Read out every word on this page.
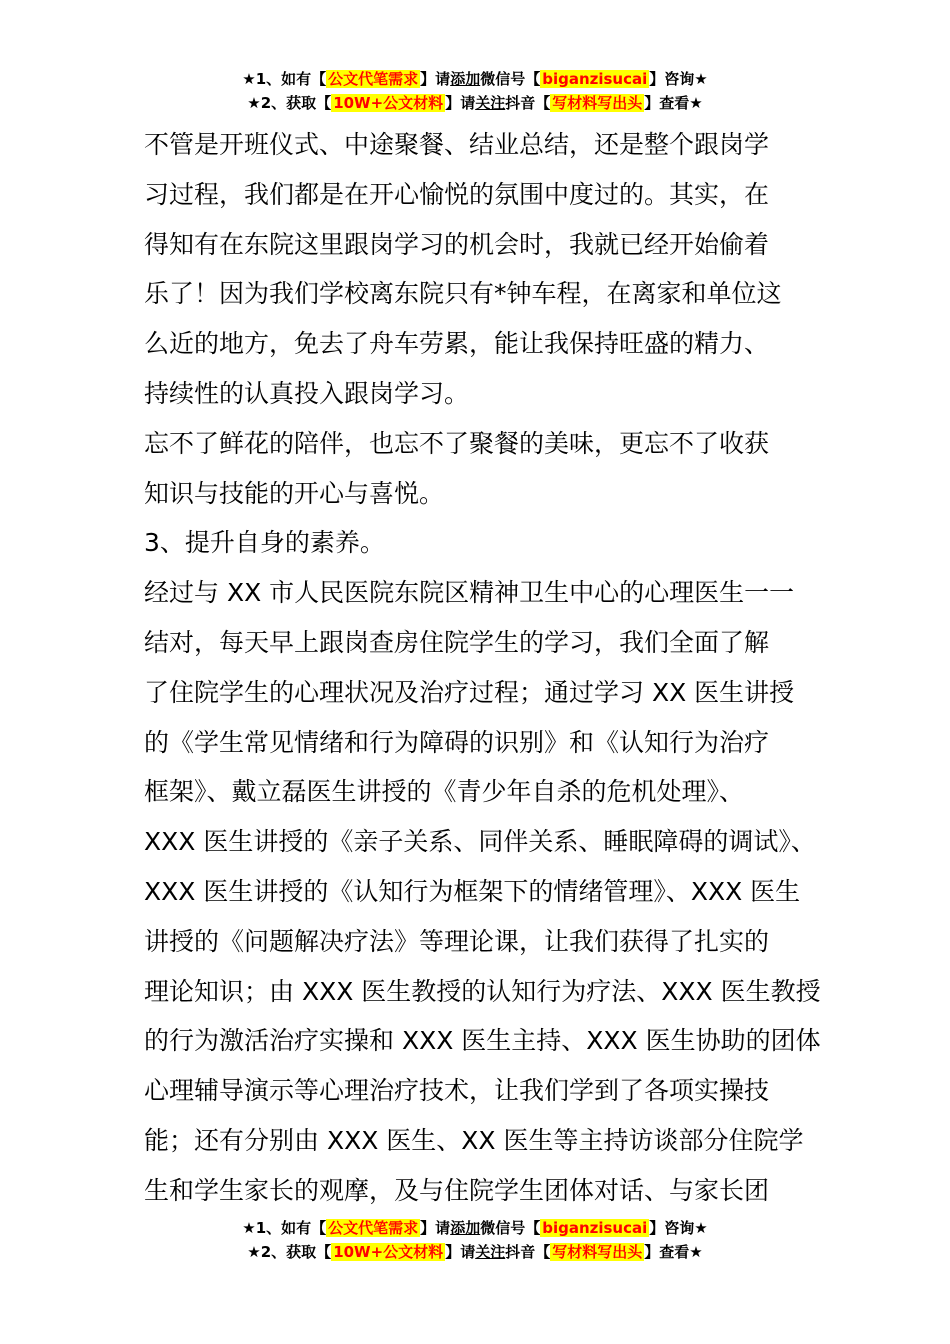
★1、如有【 公文代笔需求 】请添加微信号【 biganzisucai 】咨询★
★2、获取【 10W+公文材料 】请关注抖音【 写材料写出头 】查看★

不管是开班仪式、中途聚餐、结业总结，还是整个跟岗学

习过程，我们都是在开心愉悦的氛围中度过的。其实，在

得知有在东院这里跟岗学习的机会时，我就已经开始偷着

乐了！因为我们学校离东院只有*钟车程，在离家和单位这

么近的地方，免去了舟车劳累，能让我保持旺盛的精力、

持续性的认真投入跟岗学习。

忘不了鲜花的陪伴，也忘不了聚餐的美味，更忘不了收获

知识与技能的开心与喜悦。

3、提升自身的素养。

经过与 XX 市人民医院东院区精神卫生中心的心理医生一一

结对，每天早上跟岗查房住院学生的学习，我们全面了解

了住院学生的心理状况及治疗过程；通过学习 XX 医生讲授

的《学生常见情绪和行为障碍的识别》和《认知行为治疗

框架》、戴立磊医生讲授的《青少年自杀的危机处理》、

XXX 医生讲授的《亲子关系、同伴关系、睡眠障碍的调试》、

XXX 医生讲授的《认知行为框架下的情绪管理》、XXX 医生

讲授的《问题解决疗法》等理论课，让我们获得了扎实的

理论知识；由 XXX 医生教授的认知行为疗法、XXX 医生教授

的行为激活治疗实操和 XXX 医生主持、XXX 医生协助的团体

心理辅导演示等心理治疗技术，让我们学到了各项实操技

能；还有分别由 XXX 医生、XX 医生等主持访谈部分住院学

生和学生家长的观摩，及与住院学生团体对话、与家长团

★1、如有【 公文代笔需求 】请添加微信号【 biganzisucai 】咨询★
★2、获取【 10W+公文材料 】请关注抖音【 写材料写出头 】查看★
